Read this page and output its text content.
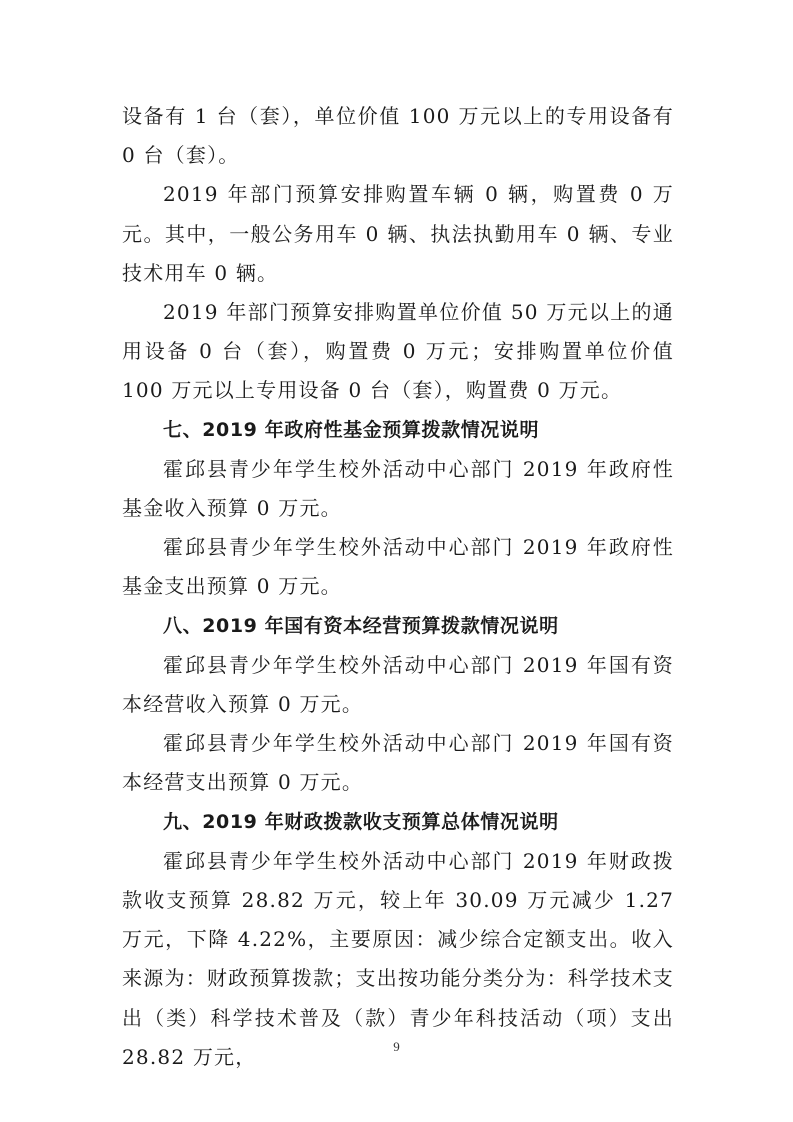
设备有 1 台（套），单位价值 100 万元以上的专用设备有 0 台（套）。

2019 年部门预算安排购置车辆 0 辆，购置费 0 万元。其中，一般公务用车 0 辆、执法执勤用车 0 辆、专业技术用车 0 辆。

2019 年部门预算安排购置单位价值 50 万元以上的通用设备 0 台（套），购置费 0 万元；安排购置单位价值 100 万元以上专用设备 0 台（套），购置费 0 万元。

七、2019 年政府性基金预算拨款情况说明

霍邱县青少年学生校外活动中心部门 2019 年政府性基金收入预算 0 万元。

霍邱县青少年学生校外活动中心部门 2019 年政府性基金支出预算 0 万元。

八、2019 年国有资本经营预算拨款情况说明

霍邱县青少年学生校外活动中心部门 2019 年国有资本经营收入预算 0 万元。

霍邱县青少年学生校外活动中心部门 2019 年国有资本经营支出预算 0 万元。

九、2019 年财政拨款收支预算总体情况说明

霍邱县青少年学生校外活动中心部门 2019 年财政拨款收支预算 28.82 万元，较上年 30.09 万元减少 1.27 万元，下降 4.22%，主要原因：减少综合定额支出。收入来源为：财政预算拨款；支出按功能分类分为：科学技术支出（类）科学技术普及（款）青少年科技活动（项）支出 28.82 万元，	9
